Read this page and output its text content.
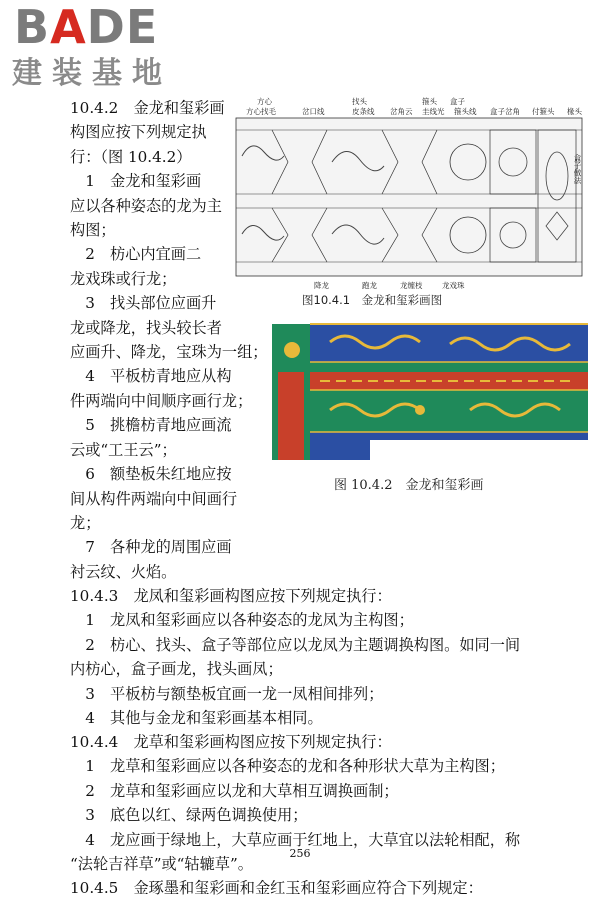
BADE
建装基地
方心	找头	箍头 盒子
方心找毛	岔口线	皮条线 岔角云 圭线光 箍头线 盒子岔角 付箍头 椽头
降龙	跑龙	龙缠枝	龙戏珠
盒子做法
图10.4.1　金龙和玺彩画图
图 10.4.2　金龙和玺彩画
10.4.2　金龙和玺彩画
构图应按下列规定执
行：（图 10.4.2）
　1　金龙和玺彩画
应以各种姿态的龙为主
构图；
　2　枋心内宜画二
龙戏珠或行龙；
　3　找头部位应画升
龙或降龙，找头较长者
应画升、降龙，宝珠为一组；
　4　平板枋青地应从构
件两端向中间顺序画行龙；
　5　挑檐枋青地应画流
云或“工王云”；
　6　额垫板朱红地应按
间从构件两端向中间画行
龙；
　7　各种龙的周围应画
衬云纹、火焰。
10.4.3　龙凤和玺彩画构图应按下列规定执行：
　1　龙凤和玺彩画应以各种姿态的龙凤为主构图；
　2　枋心、找头、盒子等部位应以龙凤为主题调换构图。如同一间
内枋心，盒子画龙，找头画凤；
　3　平板枋与额垫板宜画一龙一凤相间排列；
　4　其他与金龙和玺彩画基本相同。
10.4.4　龙草和玺彩画构图应按下列规定执行：
　1　龙草和玺彩画应以各种姿态的龙和各种形状大草为主构图；
　2　龙草和玺彩画应以龙和大草相互调换画制；
　3　底色以红、绿两色调换使用；
　4　龙应画于绿地上，大草应画于红地上，大草宜以法轮相配，称
“法轮吉祥草”或“轱辘草”。
10.4.5　金琢墨和玺彩画和金红玉和玺彩画应符合下列规定：
256
